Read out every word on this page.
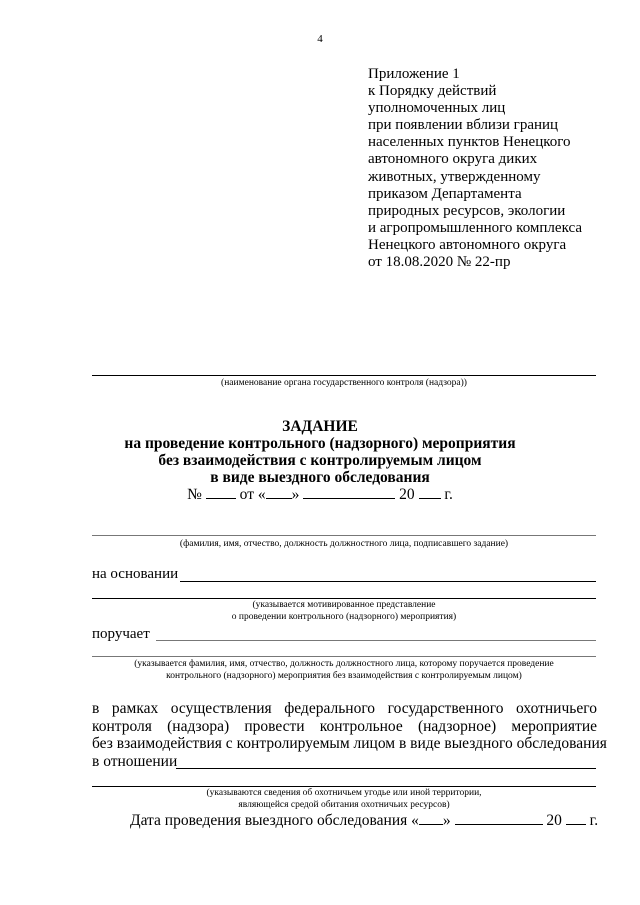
4
Приложение 1
к Порядку действий
уполномоченных лиц
при появлении вблизи границ
населенных пунктов Ненецкого
автономного округа диких
животных, утвержденному
приказом Департамента
природных ресурсов, экологии
и агропромышленного комплекса
Ненецкого автономного округа
от 18.08.2020 № 22-пр
(наименование органа государственного контроля (надзора))
ЗАДАНИЕ
на проведение контрольного (надзорного) мероприятия
без взаимодействия с контролируемым лицом
в виде выездного обследования
№ от « »	20 г.
(фамилия, имя, отчество, должность должностного лица, подписавшего задание)
на основании
(указывается мотивированное представление
о проведении контрольного (надзорного) мероприятия)
поручает
(указывается фамилия, имя, отчество, должность должностного лица, которому поручается проведение
контрольного (надзорного) мероприятия без взаимодействия с контролируемым лицом)
в рамках осуществления федерального государственного охотничьего
контроля (надзора) провести контрольное (надзорное) мероприятие
без взаимодействия с контролируемым лицом в виде выездного обследования
в отношении
(указываются сведения об охотничьем угодье или иной территории,
являющейся средой обитания охотничьих ресурсов)
Дата проведения выездного обследования « »	20 г.
